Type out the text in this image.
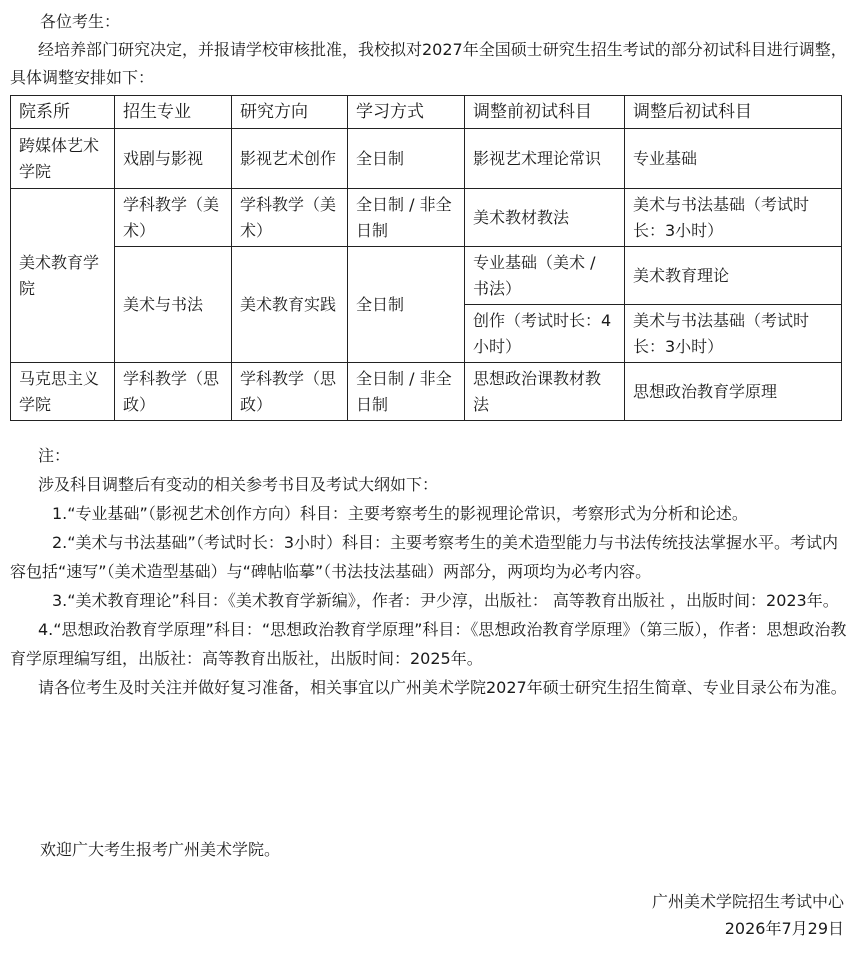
各位考生：

经培养部门研究决定，并报请学校审核批准，我校拟对2027年全国硕士研究生招生考试的部分初试科目进行调整，具体调整安排如下：

院系所	招生专业	研究方向	学习方式	调整前初试科目	调整后初试科目
跨媒体艺术学院	戏剧与影视	影视艺术创作	全日制	影视艺术理论常识	专业基础
美术教育学院	学科教学（美术）	学科教学（美术）	全日制 / 非全日制	美术教材教法	美术与书法基础（考试时长：3小时）
	美术与书法	美术教育实践	全日制	专业基础（美术 / 书法）	美术教育理论
				创作（考试时长：4小时）	美术与书法基础（考试时长：3小时）
马克思主义学院	学科教学（思政）	学科教学（思政）	全日制 / 非全日制	思想政治课教材教法	思想政治教育学原理

注：

涉及科目调整后有变动的相关参考书目及考试大纲如下：

1.“专业基础”（影视艺术创作方向）科目：主要考察考生的影视理论常识，考察形式为分析和论述。

2.“美术与书法基础”（考试时长：3小时）科目：主要考察考生的美术造型能力与书法传统技法掌握水平。考试内容包括“速写”（美术造型基础）与“碑帖临摹”（书法技法基础）两部分，两项均为必考内容。

3.“美术教育理论”科目：《美术教育学新编》，作者：尹少淳，出版社： 高等教育出版社 ，出版时间：2023年。

4.“思想政治教育学原理”科目：“思想政治教育学原理”科目：《思想政治教育学原理》（第三版），作者：思想政治教育学原理编写组，出版社：高等教育出版社，出版时间：2025年。

请各位考生及时关注并做好复习准备，相关事宜以广州美术学院2027年硕士研究生招生简章、专业目录公布为准。

欢迎广大考生报考广州美术学院。

广州美术学院招生考试中心

2026年7月29日
